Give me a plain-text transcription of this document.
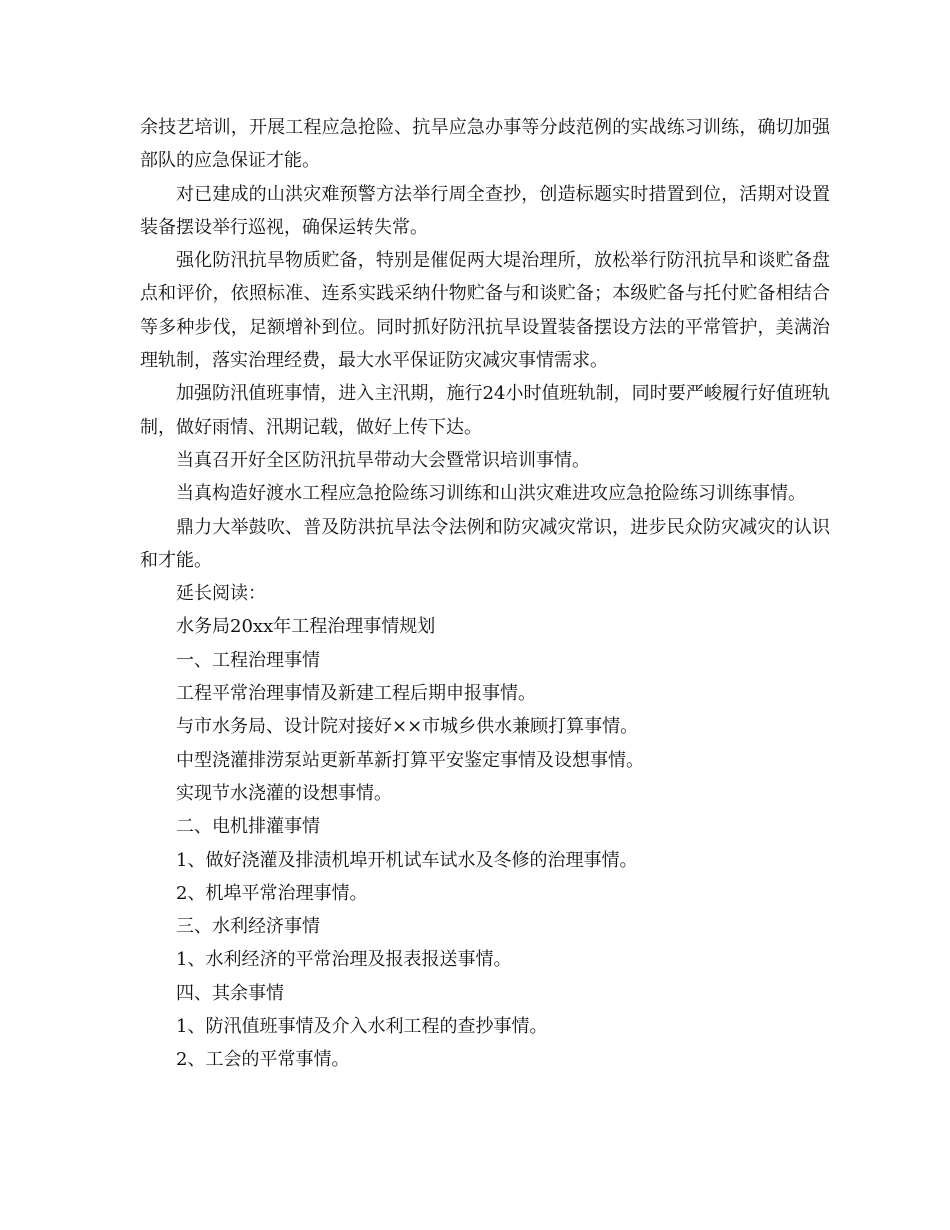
余技艺培训，开展工程应急抢险、抗旱应急办事等分歧范例的实战练习训练，确切加强部队的应急保证才能。

对已建成的山洪灾难预警方法举行周全查抄，创造标题实时措置到位，活期对设置装备摆设举行巡视，确保运转失常。

强化防汛抗旱物质贮备，特别是催促两大堤治理所，放松举行防汛抗旱和谈贮备盘点和评价，依照标准、连系实践采纳什物贮备与和谈贮备；本级贮备与托付贮备相结合等多种步伐，足额增补到位。同时抓好防汛抗旱设置装备摆设方法的平常管护，美满治理轨制，落实治理经费，最大水平保证防灾减灾事情需求。

加强防汛值班事情，进入主汛期，施行24小时值班轨制，同时要严峻履行好值班轨制，做好雨情、汛期记载，做好上传下达。

当真召开好全区防汛抗旱带动大会暨常识培训事情。

当真构造好渡水工程应急抢险练习训练和山洪灾难进攻应急抢险练习训练事情。

鼎力大举鼓吹、普及防洪抗旱法令法例和防灾减灾常识，进步民众防灾减灾的认识和才能。

延长阅读：

水务局20xx年工程治理事情规划

一、工程治理事情

工程平常治理事情及新建工程后期申报事情。

与市水务局、设计院对接好××市城乡供水兼顾打算事情。

中型浇灌排涝泵站更新革新打算平安鉴定事情及设想事情。

实现节水浇灌的设想事情。

二、电机排灌事情

1、做好浇灌及排渍机埠开机试车试水及冬修的治理事情。

2、机埠平常治理事情。

三、水利经济事情

1、水利经济的平常治理及报表报送事情。

四、其余事情

1、防汛值班事情及介入水利工程的查抄事情。

2、工会的平常事情。
